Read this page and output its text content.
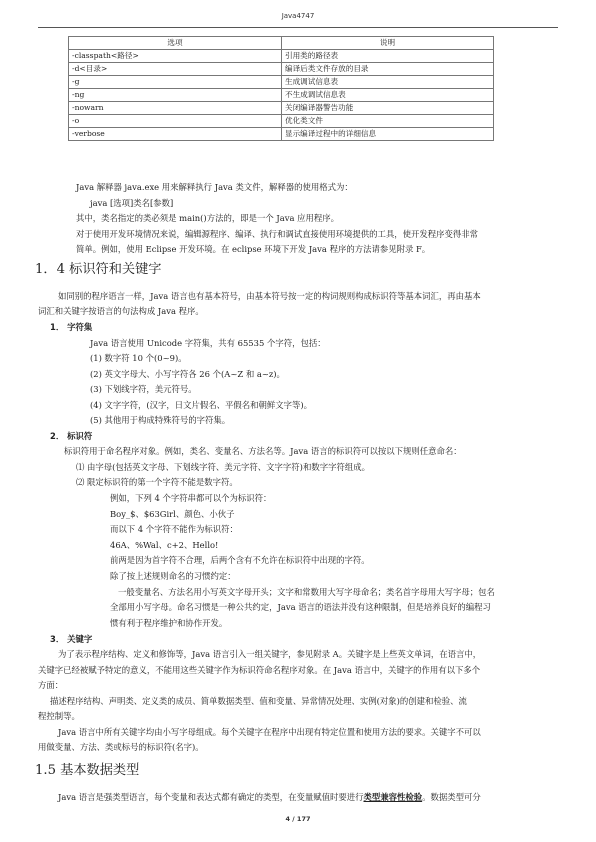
Java4747
选项	说明
-classpath<路径>	引用类的路径表
-d<目录>	编译后类文件存放的目录
-g	生成调试信息表
-ng	不生成调试信息表
-nowarn	关闭编译器警告功能
-o	优化类文件
-verbose	显示编译过程中的详细信息
Java 解释器 java.exe 用来解释执行 Java 类文件，解释器的使用格式为：
java [选项]类名[参数]
其中，类名指定的类必须是 main()方法的，即是一个 Java 应用程序。
对于使用开发环境情况来说，编辑源程序、编译、执行和调试直接使用环境提供的工具，使开发程序变得非常
简单。例如，使用 Eclipse 开发环境。在 eclipse 环境下开发 Java 程序的方法请参见附录 F。
1．4 标识符和关键字
如同别的程序语言一样，Java 语言也有基本符号，由基本符号按一定的构词规则构成标识符等基本词汇，再由基本
词汇和关键字按语言的句法构成 Java 程序。
1． 字符集
Java 语言使用 Unicode 字符集，共有 65535 个字符，包括：
(1) 数字符 10 个(0~9)。
(2) 英文字母大、小写字符各 26 个(A~Z 和 a~z)。
(3) 下划线字符，美元符号。
(4) 文字字符，(汉字，日文片假名、平假名和朝鲜文字等)。
(5) 其他用于构成特殊符号的字符集。
2． 标识符
标识符用于命名程序对象。例如，类名、变量名、方法名等。Java 语言的标识符可以按以下规则任意命名：
⑴ 由字母(包括英文字母、下划线字符、美元字符、文字字符)和数字字符组成。
⑵ 限定标识符的第一个字符不能是数字符。
例如，下列 4 个字符串都可以个为标识符：
Boy_$、$63Girl、颜色、小伙子
而以下 4 个字符不能作为标识符：
46A、%Wal、c+2、Hello!
前两是因为首字符不合理，后两个含有不允许在标识符中出现的字符。
除了按上述规则命名的习惯约定：
一般变量名、方法名用小写英文字母开头；文字和常数用大写字母命名；类名首字母用大写字母；包名
全部用小写字母。命名习惯是一种公共约定，Java 语言的语法并没有这种限制，但是培养良好的编程习
惯有利于程序维护和协作开发。
3． 关键字
为了表示程序结构、定义和修饰等，Java 语言引入一组关键字，参见附录 A。关键字是上些英文单词，在语言中，
关键字已经被赋予特定的意义，不能用这些关键字作为标识符命名程序对象。在 Java 语言中，关键字的作用有以下多个
方面：
描述程序结构、声明类、定义类的成员、简单数据类型、值和变量、异常情况处理、实例(对象)的创建和检验、流
程控制等。
Java 语言中所有关键字均由小写字母组成。每个关键字在程序中出现有特定位置和使用方法的要求。关键字不可以
用做变量、方法、类或标号的标识符(名字)。
1.5 基本数据类型
Java 语言是强类型语言，每个变量和表达式都有确定的类型，在变量赋值时要进行类型兼容性检验。数据类型可分
4 / 177
